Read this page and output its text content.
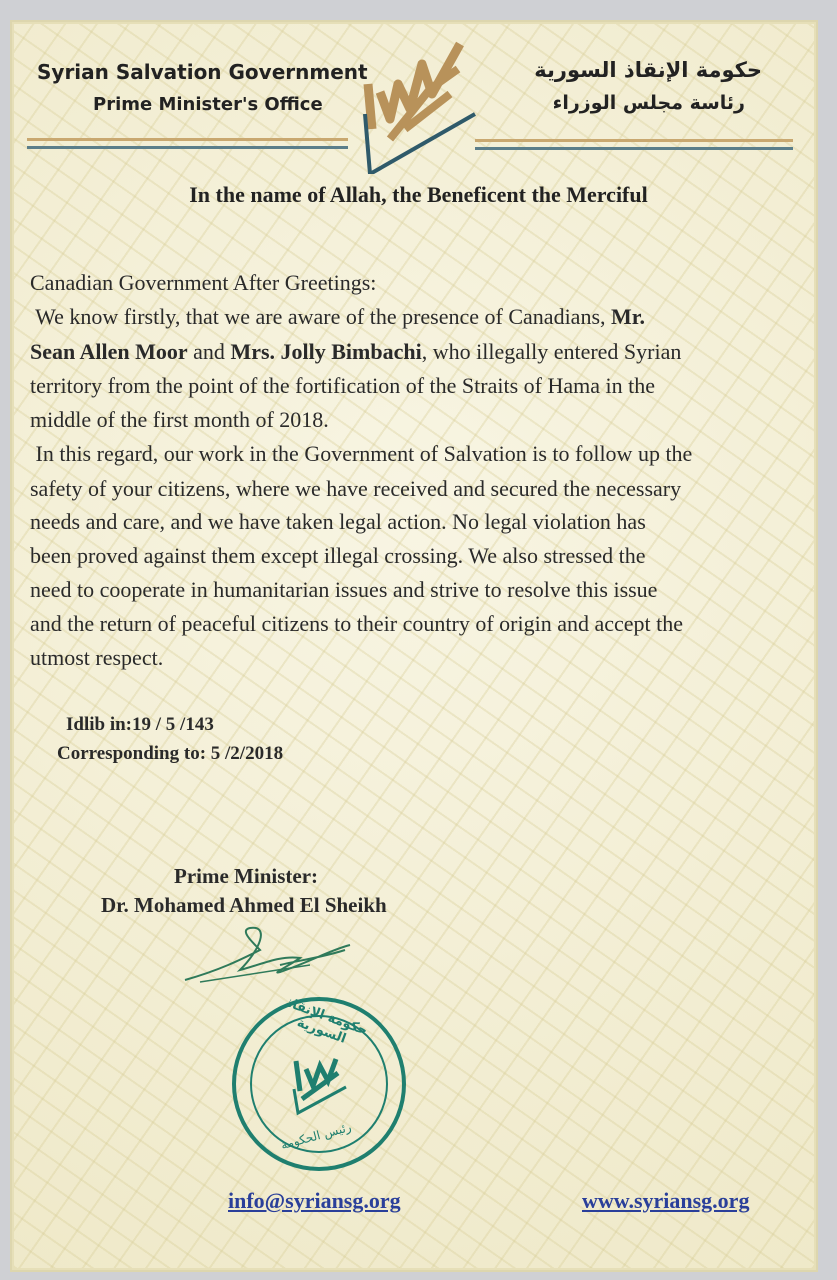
Syrian Salvation Government
Prime Minister's Office
حكومة الإنقاذ السورية
رئاسة مجلس الوزراء
In the name of Allah, the Beneficent the Merciful
Canadian Government After Greetings:
We know firstly, that we are aware of the presence of Canadians, Mr.
Sean Allen Moor and Mrs. Jolly Bimbachi, who illegally entered Syrian
territory from the point of the fortification of the Straits of Hama in the
middle of the first month of 2018.
In this regard, our work in the Government of Salvation is to follow up the
safety of your citizens, where we have received and secured the necessary
needs and care, and we have taken legal action. No legal violation has
been proved against them except illegal crossing. We also stressed the
need to cooperate in humanitarian issues and strive to resolve this issue
and the return of peaceful citizens to their country of origin and accept the
utmost respect.
Idlib in:19 / 5 /143
Corresponding to: 5 /2/2018
Prime Minister:
Dr. Mohamed Ahmed El Sheikh
حكومة الإنقاذ السورية
رئيس الحكومة
info@syriansg.org	www.syriansg.org
